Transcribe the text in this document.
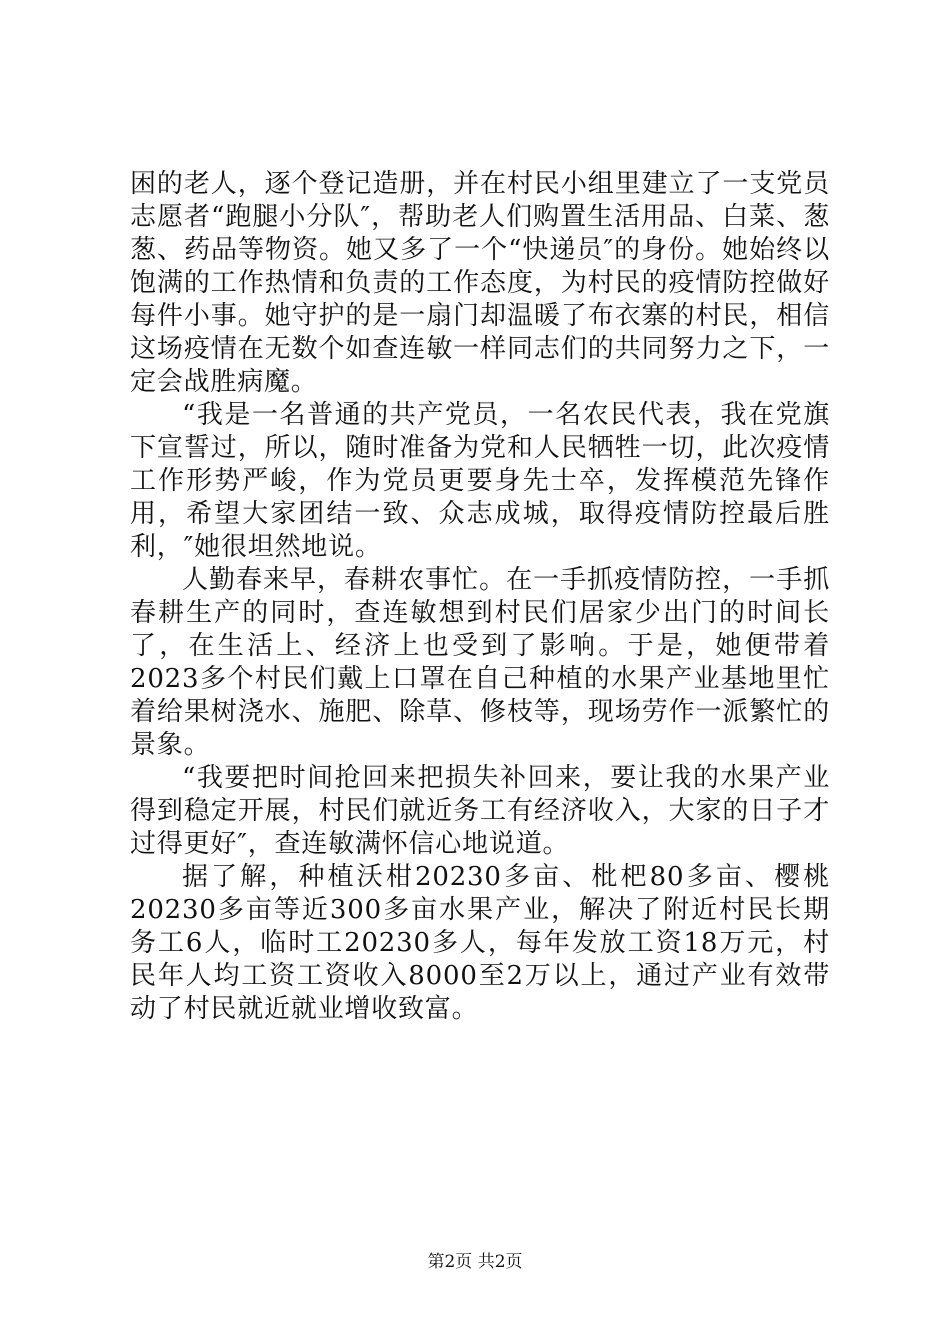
困的老人，逐个登记造册，并在村民小组里建立了一支党员志愿者“跑腿小分队″，帮助老人们购置生活用品、白菜、葱葱、药品等物资。她又多了一个“快递员″的身份。她始终以饱满的工作热情和负责的工作态度，为村民的疫情防控做好每件小事。她守护的是一扇门却温暖了布衣寨的村民，相信这场疫情在无数个如查连敏一样同志们的共同努力之下，一定会战胜病魔。

“我是一名普通的共产党员，一名农民代表，我在党旗下宣誓过，所以，随时准备为党和人民牺牲一切，此次疫情工作形势严峻，作为党员更要身先士卒，发挥模范先锋作用，希望大家团结一致、众志成城，取得疫情防控最后胜利，″她很坦然地说。

人勤春来早，春耕农事忙。在一手抓疫情防控，一手抓春耕生产的同时，查连敏想到村民们居家少出门的时间长了，在生活上、经济上也受到了影响。于是，她便带着2023多个村民们戴上口罩在自己种植的水果产业基地里忙着给果树浇水、施肥、除草、修枝等，现场劳作一派繁忙的景象。

“我要把时间抢回来把损失补回来，要让我的水果产业得到稳定开展，村民们就近务工有经济收入，大家的日子才过得更好″，查连敏满怀信心地说道。

据了解，种植沃柑20230多亩、枇杷80多亩、樱桃20230多亩等近300多亩水果产业，解决了附近村民长期务工6人，临时工20230多人，每年发放工资18万元，村民年人均工资工资收入8000至2万以上，通过产业有效带动了村民就近就业增收致富。

第2页 共2页
